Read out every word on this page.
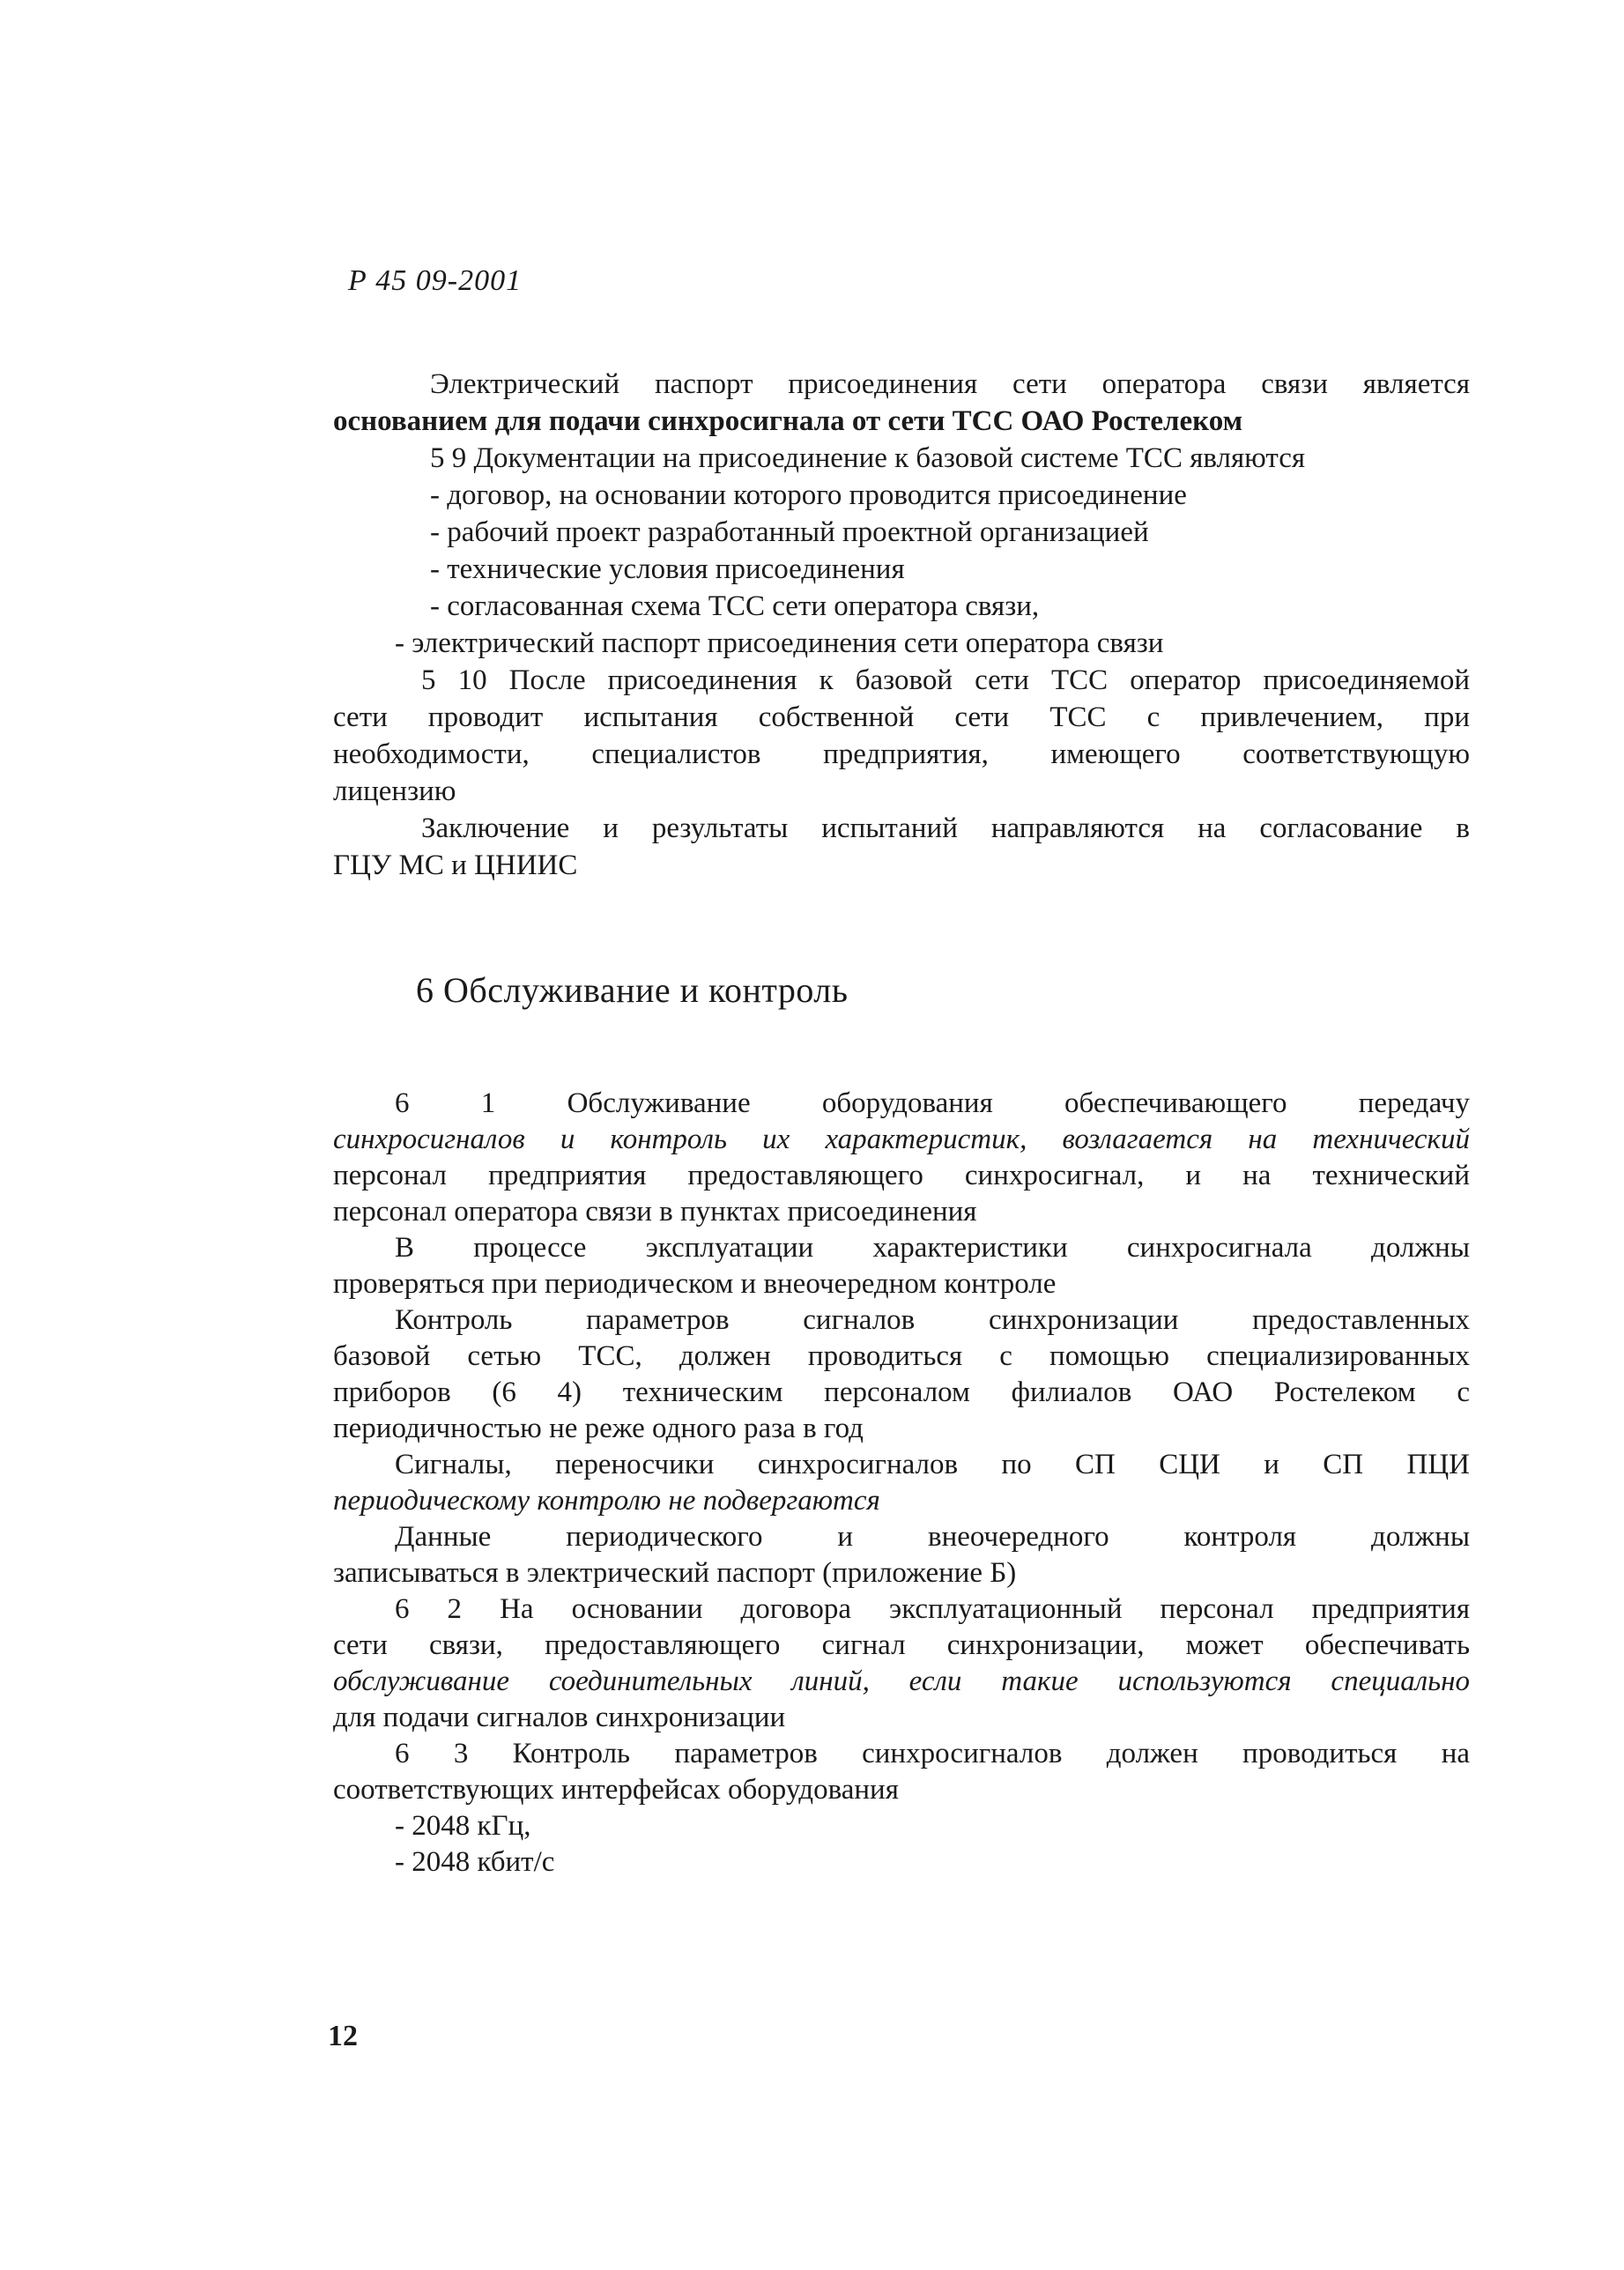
Р 45 09-2001
Электрический паспорт присоединения сети оператора связи является
основанием для подачи синхросигнала от сети ТСС ОАО Ростелеком
5 9 Документации на присоединение к базовой системе ТСС являются
- договор, на основании которого проводится присоединение
- рабочий проект разработанный проектной организацией
- технические условия присоединения
- согласованная схема ТСС сети оператора связи,
- электрический паспорт присоединения сети оператора связи
5 10 После присоединения к базовой сети ТСС оператор присоединяемой
сети проводит испытания собственной сети ТСС с привлечением, при
необходимости, специалистов предприятия, имеющего соответствующую
лицензию
Заключение и результаты испытаний направляются на согласование в
ГЦУ МС и ЦНИИС
6 Обслуживание и контроль
6 1 Обслуживание оборудования обеспечивающего передачу
синхросигналов и контроль их характеристик, возлагается на технический
персонал предприятия предоставляющего синхросигнал, и на технический
персонал оператора связи в пунктах присоединения
В процессе эксплуатации характеристики синхросигнала должны
проверяться при периодическом и внеочередном контроле
Контроль параметров сигналов синхронизации предоставленных
базовой сетью ТСС, должен проводиться с помощью специализированных
приборов (6 4) техническим персоналом филиалов ОАО Ростелеком с
периодичностью не реже одного раза в год
Сигналы, переносчики синхросигналов по СП СЦИ и СП ПЦИ
периодическому контролю не подвергаются
Данные периодического и внеочередного контроля должны
записываться в электрический паспорт (приложение Б)
6 2 На основании договора эксплуатационный персонал предприятия
сети связи, предоставляющего сигнал синхронизации, может обеспечивать
обслуживание соединительных линий, если такие используются специально
для подачи сигналов синхронизации
6 3 Контроль параметров синхросигналов должен проводиться на
соответствующих интерфейсах оборудования
- 2048 кГц,
- 2048 кбит/с
12
